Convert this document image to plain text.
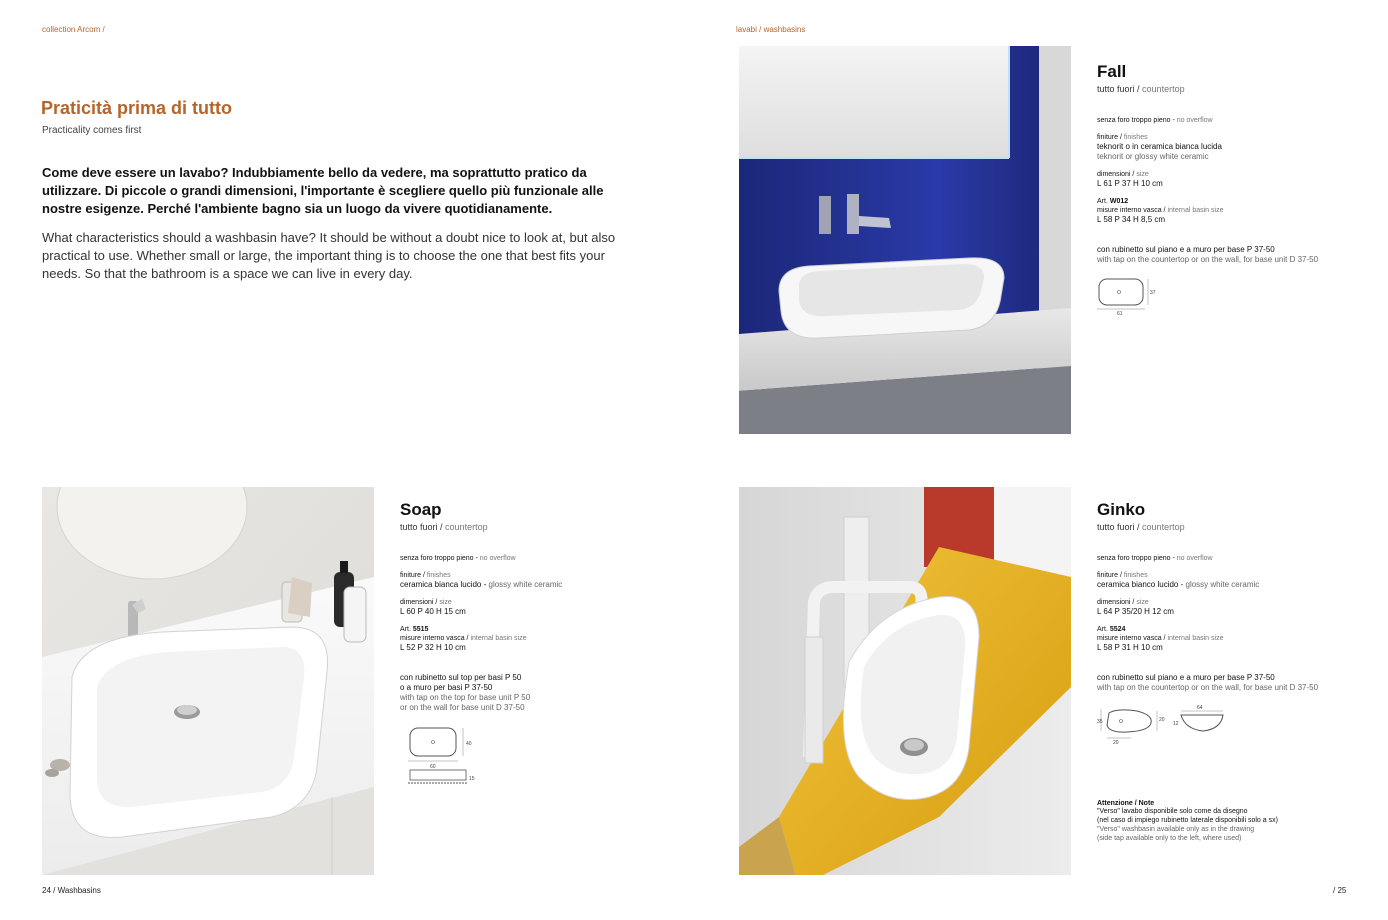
collection Arcom /
Praticità prima di tutto
Practicality comes first
Come deve essere un lavabo? Indubbiamente bello da vedere, ma soprattutto pratico da utilizzare. Di piccole o grandi dimensioni, l'importante è scegliere quello più funzionale alle nostre esigenze. Perché l'ambiente bagno sia un luogo da vivere quotidianamente.
What characteristics should a washbasin have? It should be without a doubt nice to look at, but also practical to use. Whether small or large, the important thing is to choose the one that best fits your needs. So that the bathroom is a space we can live in every day.
Soap
tutto fuori / countertop
senza foro troppo pieno - no overflow
finiture / finishes
ceramica bianca lucido - glossy white ceramic
dimensioni / size
L 60 P 40 H 15 cm
Art. 5515
misure interno vasca / internal basin size
L 52 P 32 H 10 cm
con rubinetto sul top per basi P 50
o a muro per basi P 37-50
with tap on the top for base unit P 50
or on the wall for base unit D 37-50
40
60
15
24 / Washbasins
lavabi / washbasins
Fall
tutto fuori / countertop
senza foro troppo pieno - no overflow
finiture / finishes
teknorit o in ceramica bianca lucida
teknorit or glossy white ceramic
dimensioni / size
L 61 P 37 H 10 cm
Art. W012
misure interno vasca / internal basin size
L 58 P 34 H 8,5 cm
con rubinetto sul piano e a muro per base P 37-50
with tap on the countertop or on the wall, for base unit D 37-50
37
61
Ginko
tutto fuori / countertop
senza foro troppo pieno - no overflow
finiture / finishes
ceramica bianco lucido - glossy white ceramic
dimensioni / size
L 64 P 35/20 H 12 cm
Art. 5524
misure interno vasca / internal basin size
L 58 P 31 H 10 cm
con rubinetto sul piano e a muro per base P 37-50
with tap on the countertop or on the wall, for base unit D 37-50
35	20
20
64
12
Attenzione / Note
"Verso" lavabo disponibile solo come da disegno
(nel caso di impiego rubinetto laterale disponibili solo a sx)
"Verso" washbasin available only as in the drawing
(side tap available only to the left, where used)
/ 25
